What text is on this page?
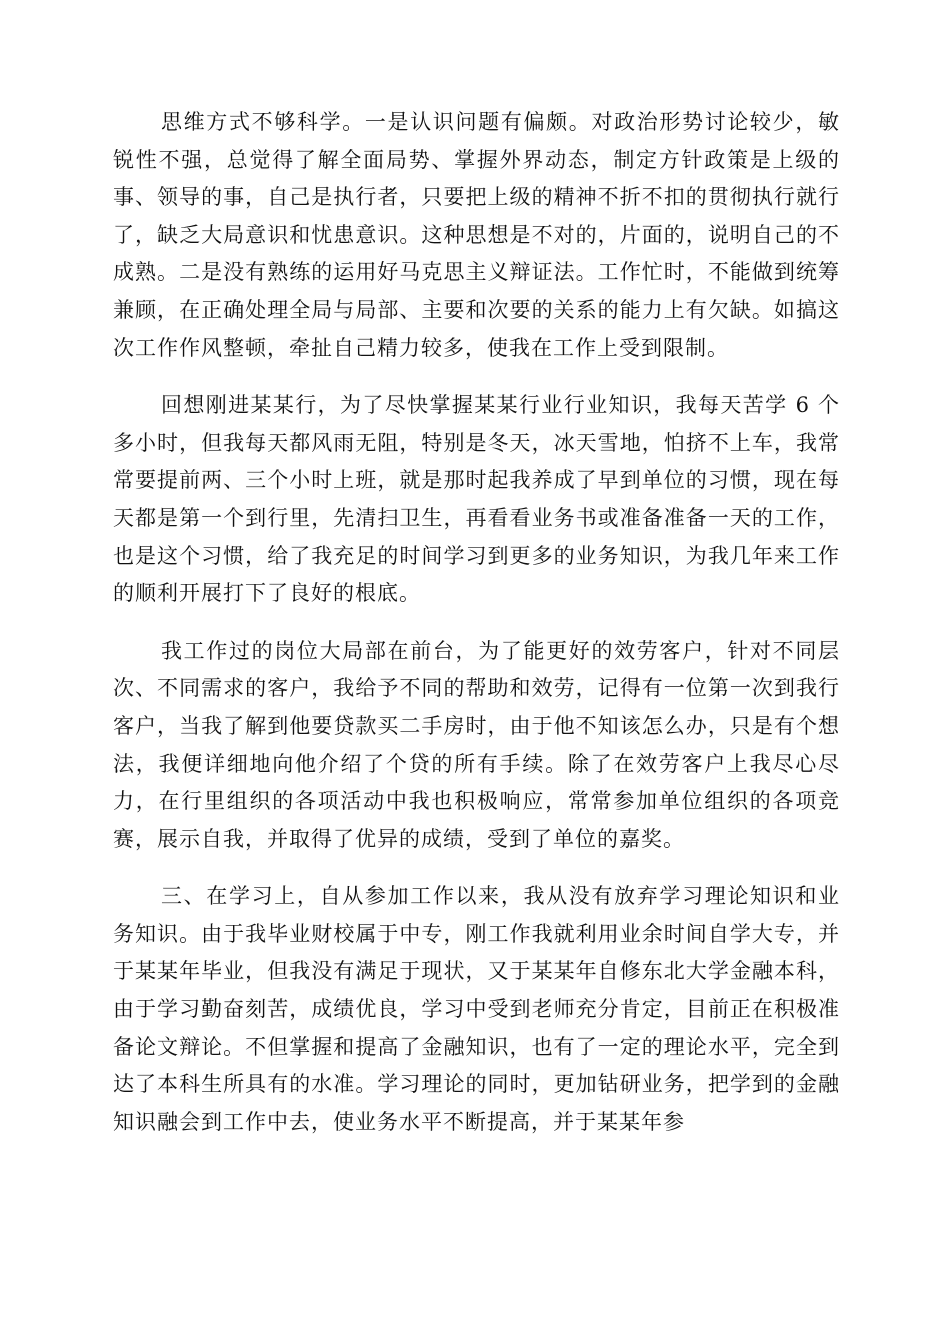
思维方式不够科学。一是认识问题有偏颇。对政治形势讨论较少，敏锐性不强，总觉得了解全面局势、掌握外界动态，制定方针政策是上级的事、领导的事，自己是执行者，只要把上级的精神不折不扣的贯彻执行就行了，缺乏大局意识和忧患意识。这种思想是不对的，片面的，说明自己的不成熟。二是没有熟练的运用好马克思主义辩证法。工作忙时，不能做到统筹兼顾，在正确处理全局与局部、主要和次要的关系的能力上有欠缺。如搞这次工作作风整顿，牵扯自己精力较多，使我在工作上受到限制。

回想刚进某某行，为了尽快掌握某某行业行业知识，我每天苦学 6 个多小时，但我每天都风雨无阻，特别是冬天，冰天雪地，怕挤不上车，我常常要提前两、三个小时上班，就是那时起我养成了早到单位的习惯，现在每天都是第一个到行里，先清扫卫生，再看看业务书或准备准备一天的工作，也是这个习惯，给了我充足的时间学习到更多的业务知识，为我几年来工作的顺利开展打下了良好的根底。

我工作过的岗位大局部在前台，为了能更好的效劳客户，针对不同层次、不同需求的客户，我给予不同的帮助和效劳，记得有一位第一次到我行客户，当我了解到他要贷款买二手房时，由于他不知该怎么办，只是有个想法，我便详细地向他介绍了个贷的所有手续。除了在效劳客户上我尽心尽力，在行里组织的各项活动中我也积极响应，常常参加单位组织的各项竞赛，展示自我，并取得了优异的成绩，受到了单位的嘉奖。

三、在学习上，自从参加工作以来，我从没有放弃学习理论知识和业务知识。由于我毕业财校属于中专，刚工作我就利用业余时间自学大专，并于某某年毕业，但我没有满足于现状，又于某某年自修东北大学金融本科，由于学习勤奋刻苦，成绩优良，学习中受到老师充分肯定，目前正在积极准备论文辩论。不但掌握和提高了金融知识，也有了一定的理论水平，完全到达了本科生所具有的水准。学习理论的同时，更加钻研业务，把学到的金融知识融会到工作中去，使业务水平不断提高，并于某某年参
